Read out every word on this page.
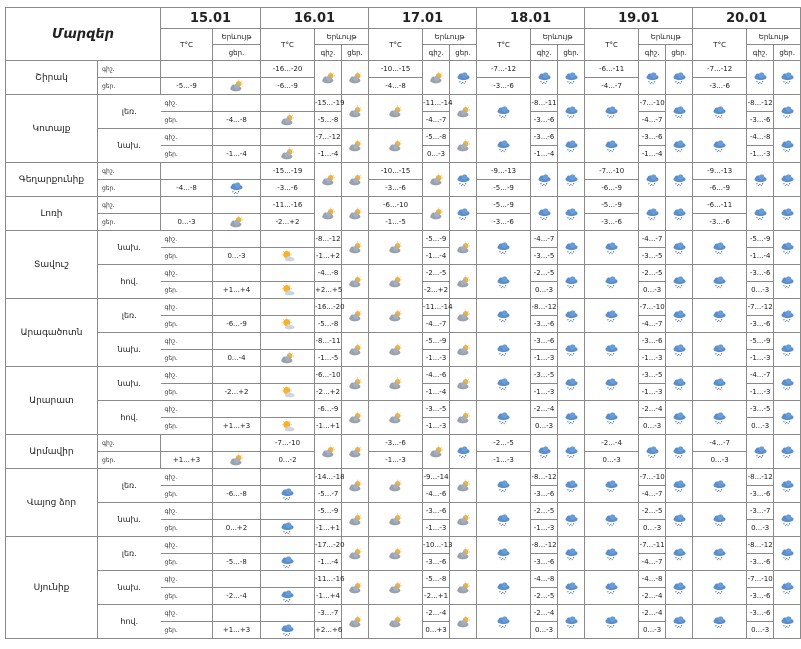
Մարզեր		15.01		16.01			17.01			18.01			19.01			20.01			
		T°C	Երևույթ	T°C	Երևույթ		T°C	Երևույթ		T°C	Երևույթ		T°C	Երևույթ		T°C	Երևույթ		
			ցեր.		գիշ.	ցեր.		գիշ.	ցեր.		գիշ.	ցեր.		գիշ.	ցեր.		գիշ.	ցեր.	
Շիրակ	գիշ.			-16...-20			-10...-15			-7...-12			-6...-11			-7...-12		
	ցեր.	-5...-9		-6...-9			-4...-8			-3...-6			-4...-7			-3...-6			
Կոտայք	լեռ.	գիշ.			-15...-19			-11...-14			-8...-11			-7...-10			-8...-12		
		ցեր.	-4...-8		-5...-8			-4...-7			-3...-6			-4...-7			-3...-6		
	նախ.	գիշ.			-7...-12			-5...-8			-3...-6			-3...-6			-4...-8		
		ցեր.	-1...-4		-1...-4			0...-3			-1...-4			-1...-4			-1...-3		
Գեղարքունիք	գիշ.			-15...-19			-10...-15			-9...-13			-7...-10			-9...-13		
	ցեր.	-4...-8		-3...-6			-3...-6			-5...-9			-6...-9			-6...-9			
Լոռի	գիշ.			-11...-16			-6...-10			-5...-9			-5...-9			-6...-11		
	ցեր.	0...-3		-2...+2			-1...-5			-3...-6			-3...-6			-3...-6			
Տավուշ	նախ.	գիշ.			-8...-12			-5...-9			-4...-7			-4...-7			-5...-9		
		ցեր.	0...-3		-1...+2			-1...-4			-3...-5			-3...-5			-1...-4		
	հով.	գիշ.			-4...-8			-2...-5			-2...-5			-2...-5			-3...-6		
		ցեր.	+1...+4		+2...+5			-2...+2			0...-3			0...-3			0...-3		
Արագածոտն	լեռ.	գիշ.			-16...-20			-11...-14			-8...-12			-7...-10			-7...-12		
		ցեր.	-6...-9		-5...-8			-4...-7			-3...-6			-4...-7			-3...-6		
	նախ.	գիշ.			-8...-11			-5...-9			-3...-6			-3...-6			-5...-9		
		ցեր.	0...-4		-1...-5			-1...-3			-1...-3			-1...-3			-1...-3		
Արարատ	նախ.	գիշ.			-6...-10			-4...-6			-3...-5			-3...-5			-4...-7		
		ցեր.	-2...+2		-2...+2			-1...-4			-1...-3			-1...-3			-1...-3		
	հով.	գիշ.			-6...-9			-3...-5			-2...-4			-2...-4			-3...-5		
		ցեր.	+1...+3		-1...+1			-1...-3			0...-3			0...-3			0...-3		
Արմավիր	գիշ.			-7...-10			-3...-6			-2...-5			-2...-4			-4...-7		
	ցեր.	+1...+3		0...-2			-1...-3			-1...-3			0...-3			0...-3			
Վայոց ձոր	լեռ.	գիշ.			-14...-18			-9...-14			-8...-12			-7...-10			-8...-12		
		ցեր.	-6...-8		-5...-7			-4...-6			-3...-6			-4...-7			-3...-6		
	նախ.	գիշ.			-5...-9			-3...-6			-2...-5			-2...-5			-3...-7		
		ցեր.	0...+2		-1...+1			-1...-3			-1...-3			0...-3			0...-3		
Սյունիք	լեռ.	գիշ.			-17...-20			-10...-13			-8...-12			-7...-11			-8...-12		
		ցեր.	-5...-8		-1...-4			-3...-6			-3...-6			-4...-7			-3...-6		
	նախ.	գիշ.			-11...-16			-5...-8			-4...-8			-4...-8			-7...-10		
		ցեր.	-2...-4		-1...+4			-2...+1			-2...-5			-2...-4			-3...-6		
	հով.	գիշ.			-3...-7			-2...-4			-2...-4			-2...-4			-3...-6		
		ցեր.	+1...+3		+2...+6			0...+3			0...-3			0...-3			0...-3		
